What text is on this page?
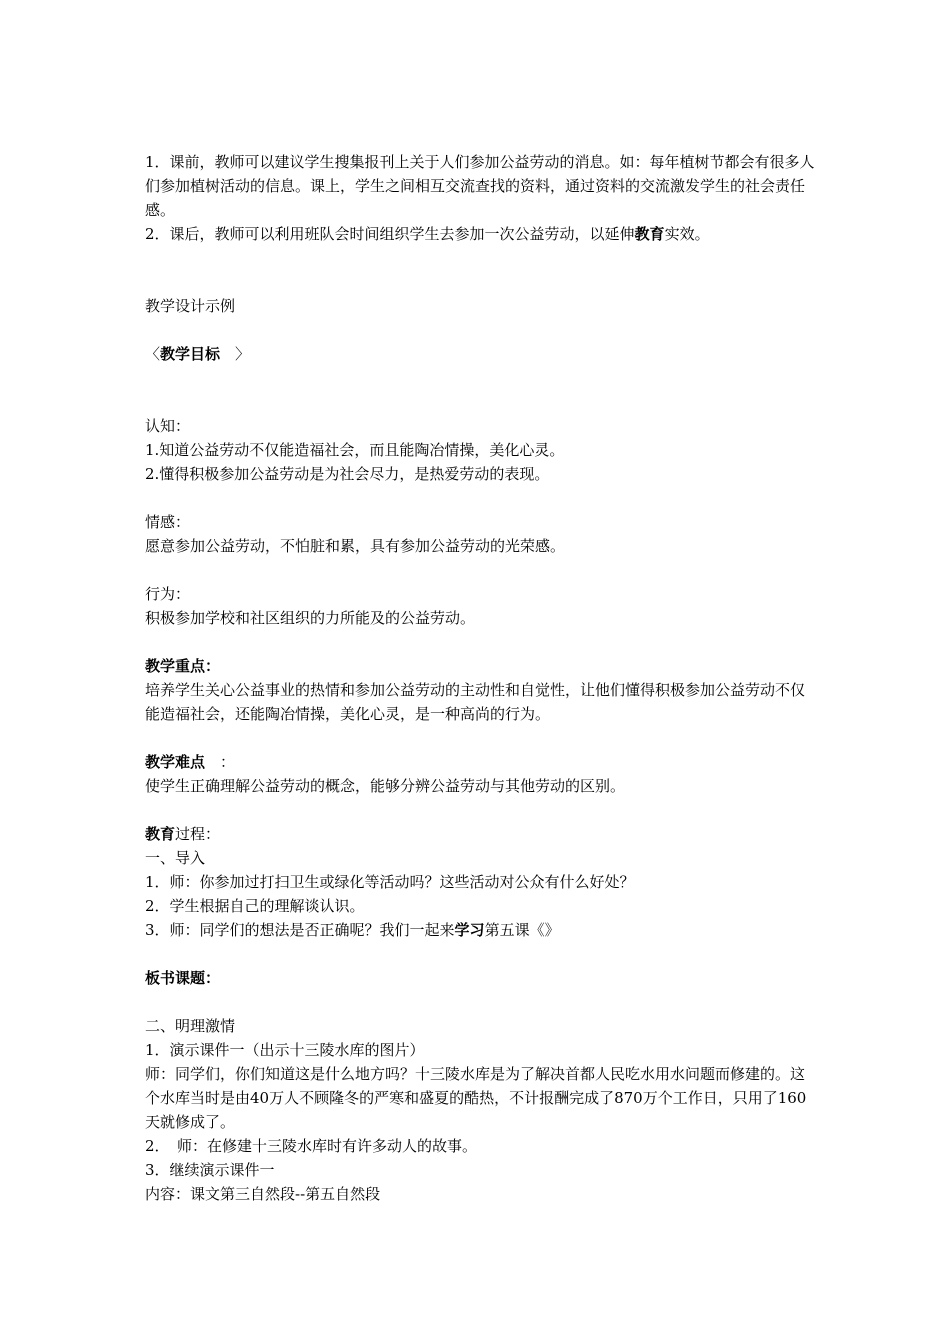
1．课前，教师可以建议学生搜集报刊上关于人们参加公益劳动的消息。如：每年植树节都会有很多人们参加植树活动的信息。课上，学生之间相互交流查找的资料，通过资料的交流激发学生的社会责任感。
2．课后，教师可以利用班队会时间组织学生去参加一次公益劳动，以延伸教育实效。
教学设计示例
〈教学目标　〉
认知：
1.知道公益劳动不仅能造福社会，而且能陶冶情操，美化心灵。
2.懂得积极参加公益劳动是为社会尽力，是热爱劳动的表现。
情感：
愿意参加公益劳动，不怕脏和累，具有参加公益劳动的光荣感。
行为：
积极参加学校和社区组织的力所能及的公益劳动。
教学重点：
培养学生关心公益事业的热情和参加公益劳动的主动性和自觉性，让他们懂得积极参加公益劳动不仅能造福社会，还能陶冶情操，美化心灵，是一种高尚的行为。
教学难点　：
使学生正确理解公益劳动的概念，能够分辨公益劳动与其他劳动的区别。
教育过程：
一、导入
1．师：你参加过打扫卫生或绿化等活动吗？这些活动对公众有什么好处？
2．学生根据自己的理解谈认识。
3．师：同学们的想法是否正确呢？我们一起来学习第五课《》
板书课题：
二、明理激情
1．演示课件一（出示十三陵水库的图片）
师：同学们，你们知道这是什么地方吗？十三陵水库是为了解决首都人民吃水用水问题而修建的。这个水库当时是由40万人不顾隆冬的严寒和盛夏的酷热，不计报酬完成了870万个工作日，只用了160天就修成了。
2．　师：在修建十三陵水库时有许多动人的故事。
3．继续演示课件一
内容：课文第三自然段--第五自然段
